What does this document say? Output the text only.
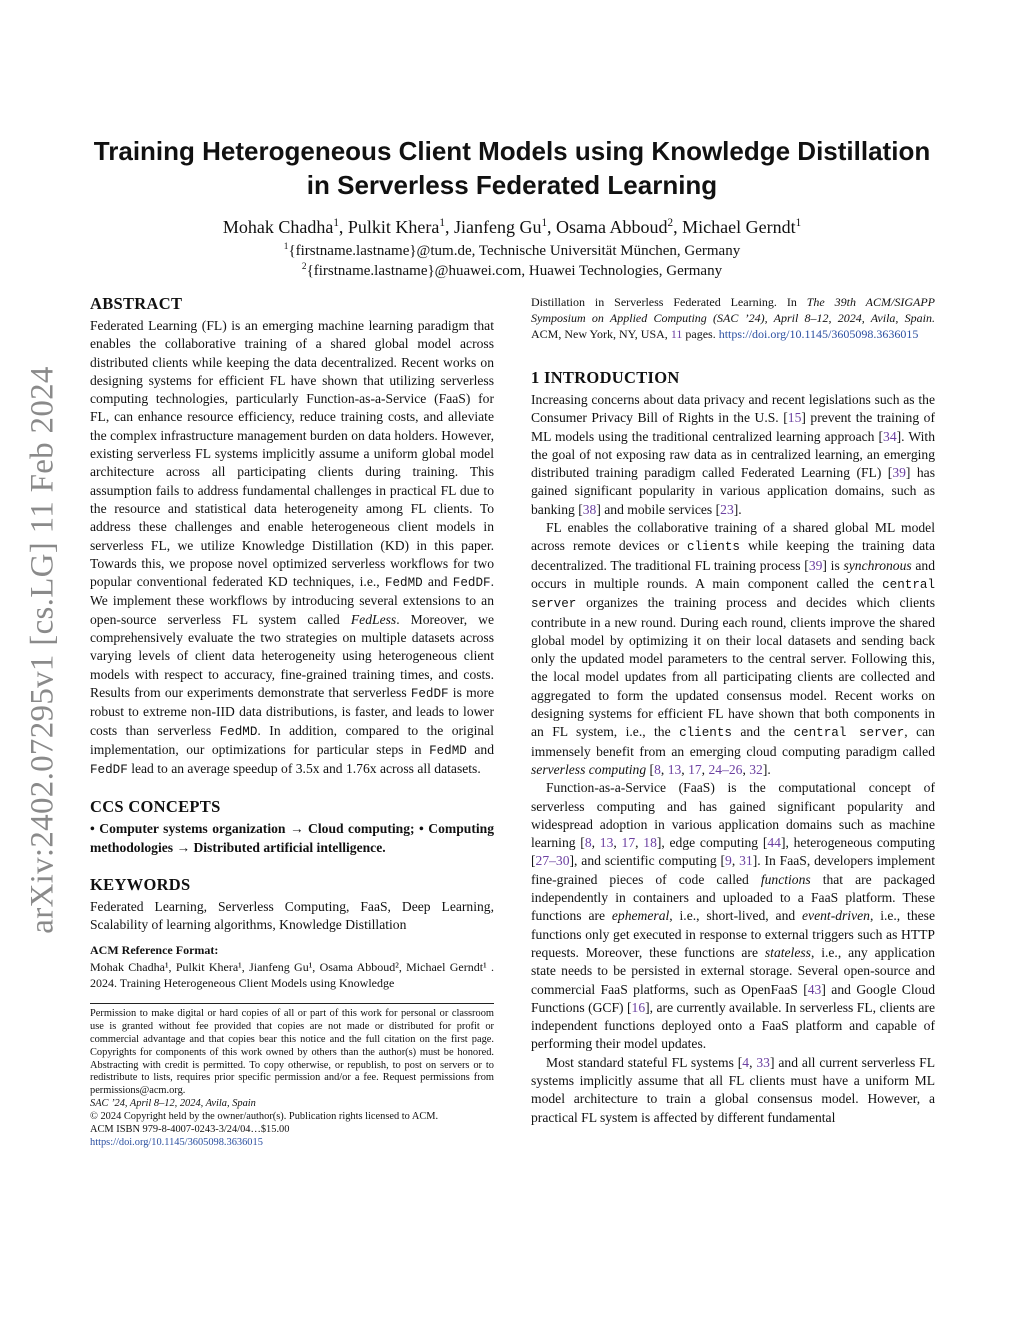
arXiv:2402.07295v1 [cs.LG] 11 Feb 2024
Training Heterogeneous Client Models using Knowledge Distillation in Serverless Federated Learning
Mohak Chadha$^1$, Pulkit Khera$^1$, Jianfeng Gu$^1$, Osama Abboud$^2$, Michael Gerndt$^1$
$^1${firstname.lastname}@tum.de, Technische Universität München, Germany
$^2${firstname.lastname}@huawei.com, Huawei Technologies, Germany
ABSTRACT

Federated Learning (FL) is an emerging machine learning paradigm that enables the collaborative training of a shared global model across distributed clients while keeping the data decentralized. Recent works on designing systems for efficient FL have shown that utilizing serverless computing technologies, particularly Function-as-a-Service (FaaS) for FL, can enhance resource efficiency, reduce training costs, and alleviate the complex infrastructure management burden on data holders. However, existing serverless FL systems implicitly assume a uniform global model architecture across all participating clients during training. This assumption fails to address fundamental challenges in practical FL due to the resource and statistical data heterogeneity among FL clients. To address these challenges and enable heterogeneous client models in serverless FL, we utilize Knowledge Distillation (KD) in this paper. Towards this, we propose novel optimized serverless workflows for two popular conventional federated KD techniques, i.e., FedMD and FedDF. We implement these workflows by introducing several extensions to an open-source serverless FL system called FedLess. Moreover, we comprehensively evaluate the two strategies on multiple datasets across varying levels of client data heterogeneity using heterogeneous client models with respect to accuracy, fine-grained training times, and costs. Results from our experiments demonstrate that serverless FedDF is more robust to extreme non-IID data distributions, is faster, and leads to lower costs than serverless FedMD. In addition, compared to the original implementation, our optimizations for particular steps in FedMD and FedDF lead to an average speedup of 3.5x and 1.76x across all datasets.

CCS CONCEPTS

• Computer systems organization → Cloud computing; • Computing methodologies → Distributed artificial intelligence.

KEYWORDS

Federated Learning, Serverless Computing, FaaS, Deep Learning, Scalability of learning algorithms, Knowledge Distillation

ACM Reference Format:

Mohak Chadha¹, Pulkit Khera¹, Jianfeng Gu¹, Osama Abboud², Michael Gerndt¹ . 2024. Training Heterogeneous Client Models using Knowledge

Permission to make digital or hard copies of all or part of this work for personal or classroom use is granted without fee provided that copies are not made or distributed for profit or commercial advantage and that copies bear this notice and the full citation on the first page. Copyrights for components of this work owned by others than the author(s) must be honored. Abstracting with credit is permitted. To copy otherwise, or republish, to post on servers or to redistribute to lists, requires prior specific permission and/or a fee. Request permissions from permissions@acm.org.

SAC ’24, April 8–12, 2024, Avila, Spain

© 2024 Copyright held by the owner/author(s). Publication rights licensed to ACM.

ACM ISBN 979-8-4007-0243-3/24/04…$15.00

https://doi.org/10.1145/3605098.3636015

Distillation in Serverless Federated Learning. In The 39th ACM/SIGAPP Symposium on Applied Computing (SAC ’24), April 8–12, 2024, Avila, Spain. ACM, New York, NY, USA, 11 pages. https://doi.org/10.1145/3605098.3636015

1 INTRODUCTION

Increasing concerns about data privacy and recent legislations such as the Consumer Privacy Bill of Rights in the U.S. [15] prevent the training of ML models using the traditional centralized learning approach [34]. With the goal of not exposing raw data as in centralized learning, an emerging distributed training paradigm called Federated Learning (FL) [39] has gained significant popularity in various application domains, such as banking [38] and mobile services [23].

FL enables the collaborative training of a shared global ML model across remote devices or clients while keeping the training data decentralized. The traditional FL training process [39] is synchronous and occurs in multiple rounds. A main component called the central server organizes the training process and decides which clients contribute in a new round. During each round, clients improve the shared global model by optimizing it on their local datasets and sending back only the updated model parameters to the central server. Following this, the local model updates from all participating clients are collected and aggregated to form the updated consensus model. Recent works on designing systems for efficient FL have shown that both components in an FL system, i.e., the clients and the central server, can immensely benefit from an emerging cloud computing paradigm called serverless computing [8, 13, 17, 24–26, 32].

Function-as-a-Service (FaaS) is the computational concept of serverless computing and has gained significant popularity and widespread adoption in various application domains such as machine learning [8, 13, 17, 18], edge computing [44], heterogeneous computing [27–30], and scientific computing [9, 31]. In FaaS, developers implement fine-grained pieces of code called functions that are packaged independently in containers and uploaded to a FaaS platform. These functions are ephemeral, i.e., short-lived, and event-driven, i.e., these functions only get executed in response to external triggers such as HTTP requests. Moreover, these functions are stateless, i.e., any application state needs to be persisted in external storage. Several open-source and commercial FaaS platforms, such as OpenFaaS [43] and Google Cloud Functions (GCF) [16], are currently available. In serverless FL, clients are independent functions deployed onto a FaaS platform and capable of performing their model updates.

Most standard stateful FL systems [4, 33] and all current serverless FL systems implicitly assume that all FL clients must have a uniform ML model architecture to train a global consensus model. However, a practical FL system is affected by different fundamental
